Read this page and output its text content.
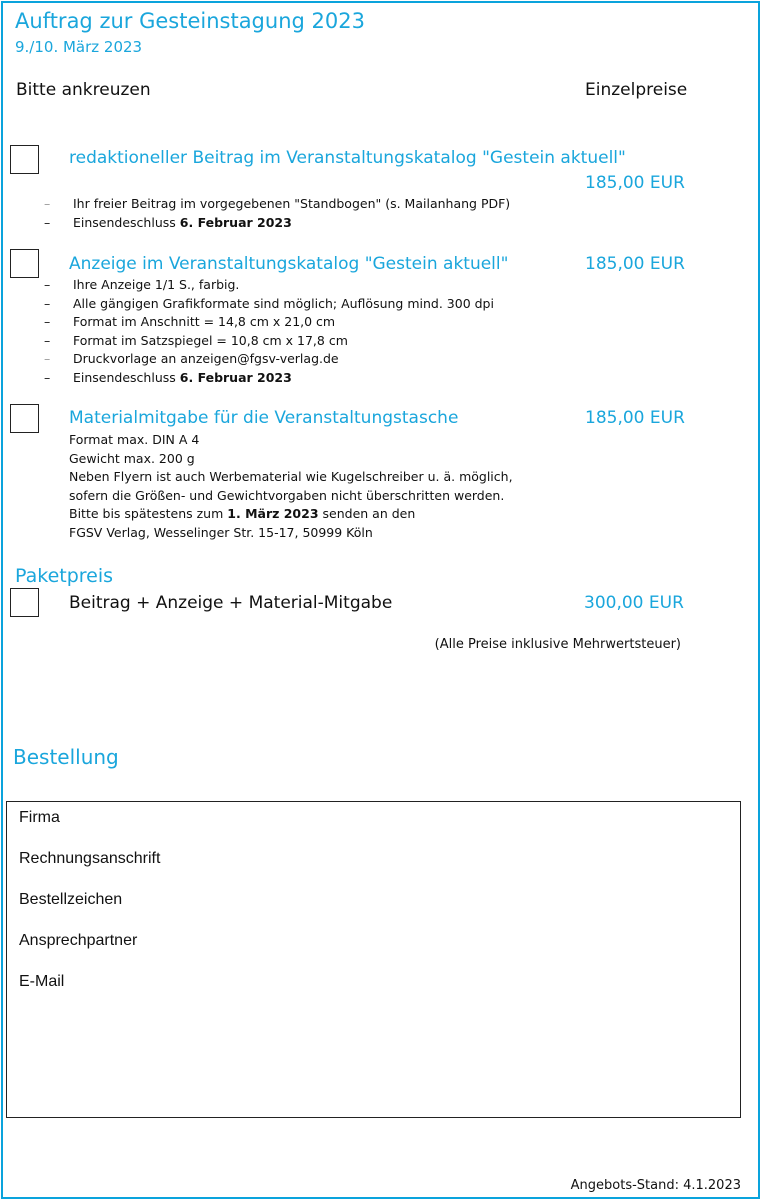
Auftrag zur Gesteinstagung 2023
9./10. März 2023
Bitte ankreuzen	Einzelpreise
redaktioneller Beitrag im Veranstaltungskatalog "Gestein aktuell"
185,00 EUR
–	Ihr freier Beitrag im vorgegebenen "Standbogen" (s. Mailanhang PDF)
–	Einsendeschluss
6. Februar 2023
Anzeige im Veranstaltungskatalog "Gestein aktuell"	185,00 EUR
–	Ihre Anzeige 1/1 S., farbig.
–	Alle gängigen Grafikformate sind möglich; Auflösung mind. 300 dpi
–	Format im Anschnitt = 14,8 cm x 21,0 cm
–	Format im Satzspiegel = 10,8 cm x 17,8 cm
–	Druckvorlage an anzeigen@fgsv-verlag.de
–	Einsendeschluss
6. Februar 2023
Materialmitgabe für die Veranstaltungstasche	185,00 EUR
Format max. DIN A 4
Gewicht max. 200 g
Neben Flyern ist auch Werbematerial wie Kugelschreiber u. ä. möglich,
sofern die Größen- und Gewichtvorgaben nicht überschritten werden.
Bitte bis spätestens zum 1. März 2023 senden an den
FGSV Verlag, Wesselinger Str. 15-17, 50999 Köln
Paketpreis
Beitrag + Anzeige + Material-Mitgabe	300,00 EUR
(Alle Preise inklusive Mehrwertsteuer)
Bestellung
Firma
Rechnungsanschrift
Bestellzeichen
Ansprechpartner
E-Mail
Angebots-Stand: 4.1.2023
